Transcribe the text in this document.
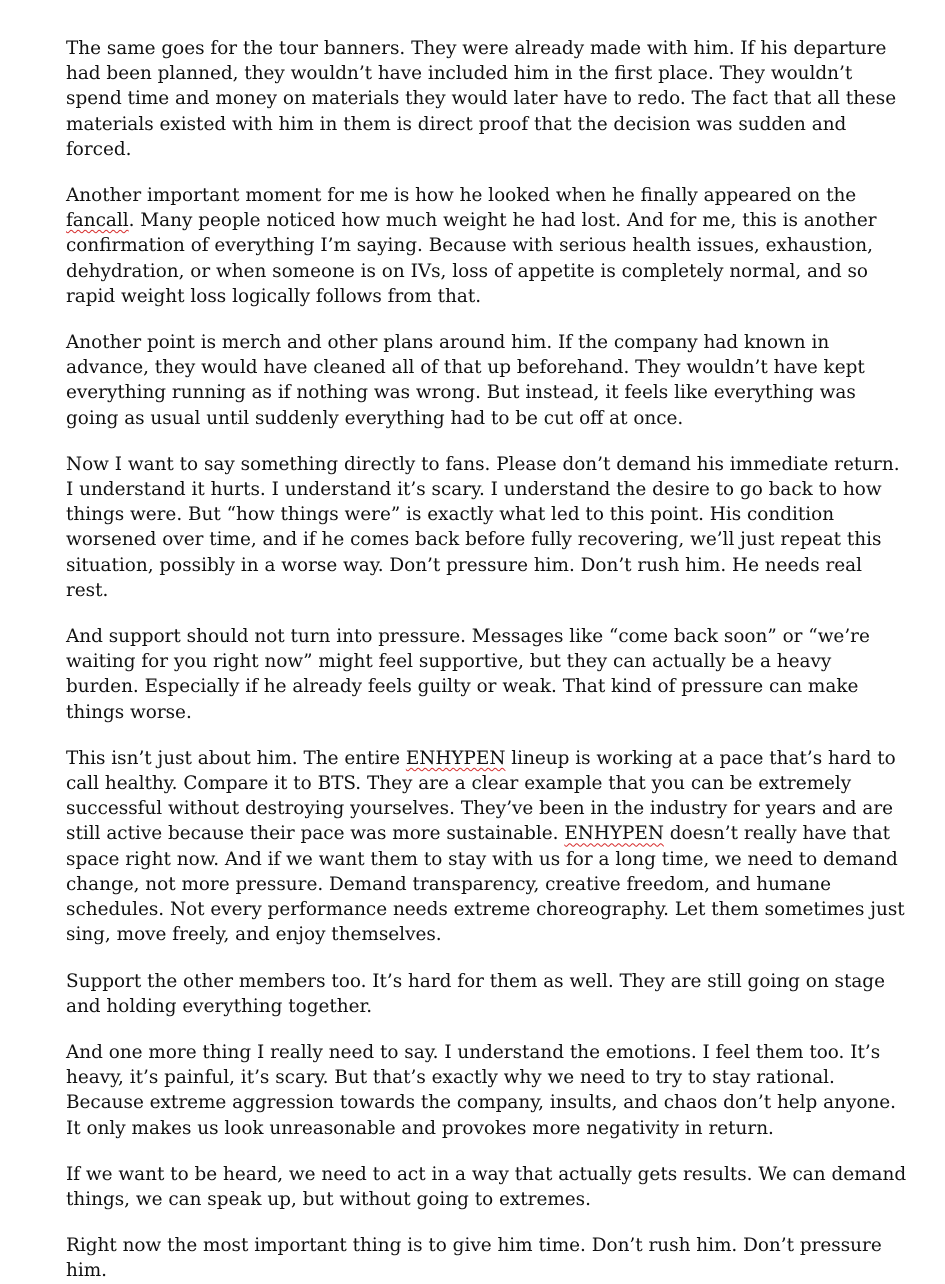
The same goes for the tour banners. They were already made with him. If his departure had been planned, they wouldn’t have included him in the first place. They wouldn’t spend time and money on materials they would later have to redo. The fact that all these materials existed with him in them is direct proof that the decision was sudden and forced.

Another important moment for me is how he looked when he finally appeared on the fancall. Many people noticed how much weight he had lost. And for me, this is another confirmation of everything I’m saying. Because with serious health issues, exhaustion, dehydration, or when someone is on IVs, loss of appetite is completely normal, and so rapid weight loss logically follows from that.

Another point is merch and other plans around him. If the company had known in advance, they would have cleaned all of that up beforehand. They wouldn’t have kept everything running as if nothing was wrong. But instead, it feels like everything was going as usual until suddenly everything had to be cut off at once.

Now I want to say something directly to fans. Please don’t demand his immediate return. I understand it hurts. I understand it’s scary. I understand the desire to go back to how things were. But “how things were” is exactly what led to this point. His condition worsened over time, and if he comes back before fully recovering, we’ll just repeat this situation, possibly in a worse way. Don’t pressure him. Don’t rush him. He needs real rest.

And support should not turn into pressure. Messages like “come back soon” or “we’re waiting for you right now” might feel supportive, but they can actually be a heavy burden. Especially if he already feels guilty or weak. That kind of pressure can make things worse.

This isn’t just about him. The entire ENHYPEN lineup is working at a pace that’s hard to call healthy. Compare it to BTS. They are a clear example that you can be extremely successful without destroying yourselves. They’ve been in the industry for years and are still active because their pace was more sustainable. ENHYPEN doesn’t really have that space right now. And if we want them to stay with us for a long time, we need to demand change, not more pressure. Demand transparency, creative freedom, and humane schedules. Not every performance needs extreme choreography. Let them sometimes just sing, move freely, and enjoy themselves.

Support the other members too. It’s hard for them as well. They are still going on stage and holding everything together.

And one more thing I really need to say. I understand the emotions. I feel them too. It’s heavy, it’s painful, it’s scary. But that’s exactly why we need to try to stay rational. Because extreme aggression towards the company, insults, and chaos don’t help anyone. It only makes us look unreasonable and provokes more negativity in return.

If we want to be heard, we need to act in a way that actually gets results. We can demand things, we can speak up, but without going to extremes.

Right now the most important thing is to give him time. Don’t rush him. Don’t pressure him.
